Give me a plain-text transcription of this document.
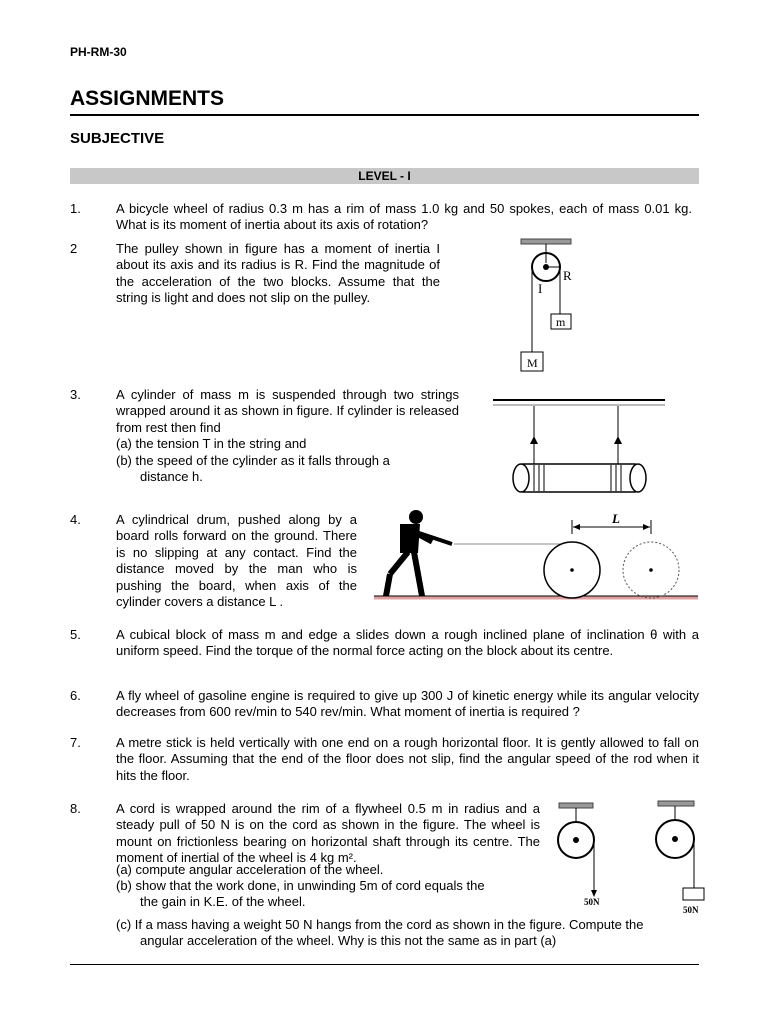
PH-RM-30
ASSIGNMENTS
SUBJECTIVE
LEVEL - I
1.	A bicycle wheel of radius 0.3 m has a rim of mass 1.0 kg and 50 spokes, each of mass 0.01 kg. What is its moment of inertia about its axis of rotation?
2	The pulley shown in figure has a moment of inertia I about its axis and its radius is R. Find the magnitude of the acceleration of the two blocks. Assume that the string is light and does not slip on the pulley.
R
I
m
M
3.	A cylinder of mass m is suspended through two strings wrapped around it as shown in figure. If cylinder is released from rest then find
(a) the tension T in the string and
(b) the speed of the cylinder as it falls through a
distance h.
4.	A cylindrical drum, pushed along by a board rolls forward on the ground. There is no slipping at any contact. Find the distance moved by the man who is pushing the board, when axis of the cylinder covers a distance L .
L
5.	A cubical block of mass m and edge a slides down a rough inclined plane of inclination θ with a uniform speed. Find the torque of the normal force acting on the block about its centre.
6.	A fly wheel of gasoline engine is required to give up 300 J of kinetic energy while its angular velocity decreases from 600 rev/min to 540 rev/min. What moment of inertia is required ?
7.	A metre stick is held vertically with one end on a rough horizontal floor. It is gently allowed to fall on the floor. Assuming that the end of the floor does not slip, find the angular speed of the rod when it hits the floor.
8.	A cord is wrapped around the rim of a flywheel 0.5 m in radius and a steady pull of 50 N is on the cord as shown in the figure. The wheel is mount on frictionless bearing on horizontal shaft through its centre. The moment of inertial of the wheel is 4 kg m².
(a) compute angular acceleration of the wheel.
(b) show that the work done, in unwinding 5m of cord equals the
the gain in K.E. of the wheel.
(c) If a mass having a weight 50 N hangs from the cord as shown in the figure. Compute the
angular acceleration of the wheel. Why is this not the same as in part (a)
50N
50N
